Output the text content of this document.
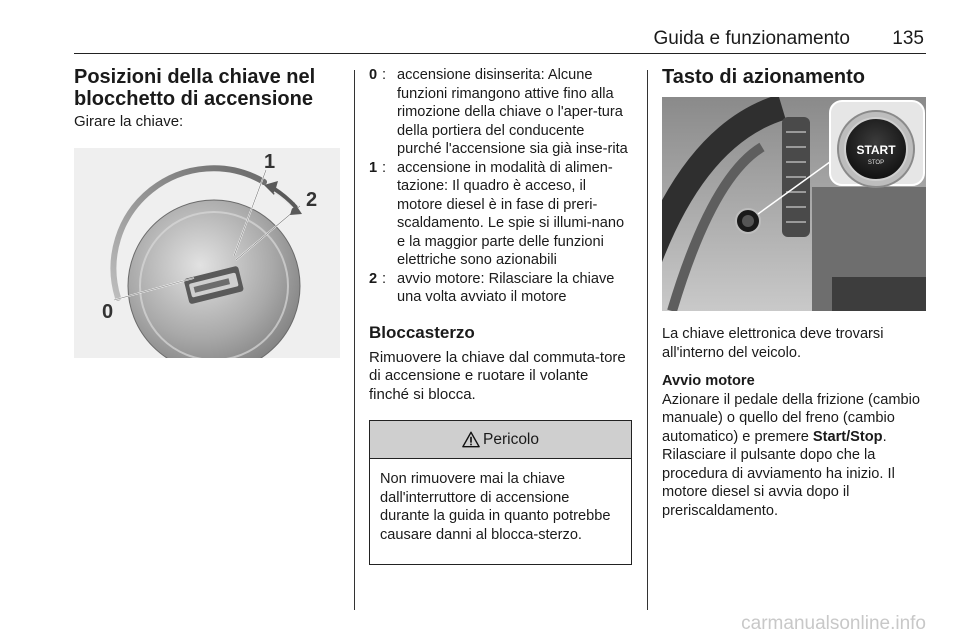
Guida e funzionamento 135
Posizioni della chiave nel blocchetto di accensione
Girare la chiave:
0
1
2
0 : accensione disinserita: Alcune funzioni rimangono attive fino alla rimozione della chiave o l'aper-tura della portiera del conducente purché l'accensione sia già inse-rita
1 : accensione in modalità di alimen-tazione: Il quadro è acceso, il motore diesel è in fase di preri-scaldamento. Le spie si illumi-nano e la maggior parte delle funzioni elettriche sono azionabili
2 : avvio motore: Rilasciare la chiave una volta avviato il motore
Bloccasterzo
Rimuovere la chiave dal commuta-tore di accensione e ruotare il volante finché si blocca.
Pericolo
Non rimuovere mai la chiave dall'interruttore di accensione durante la guida in quanto potrebbe causare danni al blocca-sterzo.
Tasto di azionamento
START
STOP
La chiave elettronica deve trovarsi all'interno del veicolo.
Avvio motore
Azionare il pedale della frizione (cambio manuale) o quello del freno (cambio automatico) e premere Start/Stop. Rilasciare il pulsante dopo che la procedura di avviamento ha inizio. Il motore diesel si avvia dopo il preriscaldamento.
carmanualsonline.info
